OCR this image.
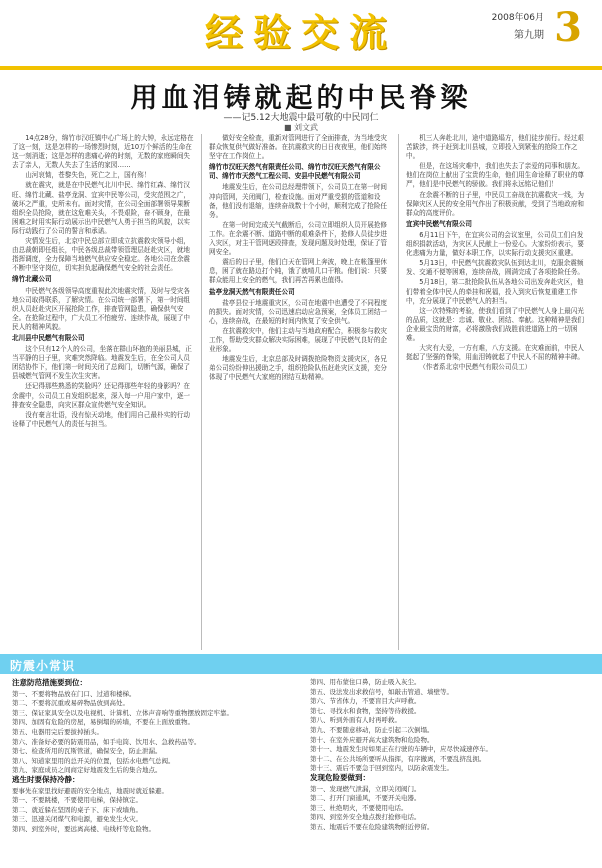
经验交流	2008年06月
第九期 3
用血泪铸就起的中民脊梁
——记5.12大地震中最可敬的中民同仁
■ 刘文武

14点28分，绵竹市汉旺镇中心广场上的大钟，永远定格在了这一刻，这是怎样的一场惨烈时刻，近10万个鲜活的生命在这一刻消逝；这是怎样的悲痛心碎的时刻，无数的家庭瞬间失去了亲人，无数人失去了生活的家园……

山河哀恸，苍黎失色，死亡之上，国有殇！

就在震灾，就是在中民燃气北川中民、绵竹红森、绵竹汉旺、绵竹北藏、盐亭龙洞、宜宾中民等公司，受灾范围之广，破坏之严重，史所未有。面对灾情，在公司全面部署领导果断组织全员抢险，就在这危难关头，不畏艰险，奋不顾身，在最困难之时用实际行动展示出中民燃气人勇于担当的风貌，以实际行动践行了公司的誓言和承诺。

灾情发生后，北京中民总部立即成立抗震救灾领导小组，由总裁朝即任组长，中民各级总裁带领管理层赶赴灾区，就地指挥调度，全力保障当地燃气供应安全稳定。各地公司在余震不断中坚守岗位，切实担负起确保燃气安全的社会责任。

绵竹北藏公司

中民燃气各级领导高度重视此次地震灾情，及时与受灾各地公司取得联系，了解灾情。在公司统一部署下，第一时间组织人员赶赴灾区开展抢险工作，排查管网隐患，确保供气安全。在抢险过程中，广大员工不怕疲劳、连续作战，展现了中民人的精神风貌。

北川县中民燃气有限公司

这个只有12个人的公司，坐落在群山环抱的美丽县城，正当平静的日子里，灾难突然降临。地震发生后，在全公司人员团结协作下，他们第一时间关闭了总阀门，切断气源，确保了县城燃气管网不发生次生灾害。

还记得那些熟悉的笑脸吗？还记得那些年轻的身影吗？在余震中，公司员工自发组织起来，深入每一户用户家中，逐一排查安全隐患，向灾区群众宣传燃气安全知识。

没有豪言壮语，没有惊天动地，他们用自己最朴实的行动诠释了中民燃气人的责任与担当。

做好安全检查，重新对管网进行了全面排查，为当地受灾群众恢复供气做好准备。在抗震救灾的日日夜夜里，他们始终坚守在工作岗位上。

绵竹市汉旺天然气有限责任公司、绵竹市汉旺天然气有限公司、绵竹市天然气工程公司、安县中民燃气有限公司

地震发生后，在公司总经理带领下，公司员工在第一时间冲向管网，关闭阀门，检查设施。面对严重受损的管道和设备，他们没有退缩，连续奋战数十个小时，顺利完成了抢险任务。

在第一时间完成关气截断后，公司立即组织人员开展抢修工作。在余震不断、道路中断的艰难条件下，抢修人员徒步进入灾区，对主干管网逐段排查，发现问题及时处理，保证了管网安全。

震后的日子里，他们白天在管网上奔波，晚上在帐篷里休息，困了就在路边打个盹，饿了就啃几口干粮。他们说：只要群众能用上安全的燃气，我们再苦再累也值得。

盐亭龙洞天然气有限责任公司

盐亭县位于地震重灾区，公司在地震中也遭受了不同程度的损失。面对灾情，公司迅速启动应急预案，全体员工团结一心，连续奋战，在最短的时间内恢复了安全供气。

在抗震救灾中，他们主动与当地政府配合，积极参与救灾工作，帮助受灾群众解决实际困难，展现了中民燃气良好的企业形象。

地震发生后，北京总部及时调拨抢险物资支援灾区，各兄弟公司纷纷伸出援助之手，组织抢险队伍赶赴灾区支援，充分体现了中民燃气大家庭的团结互助精神。

机三人奔赴北川，途中道路塌方，他们徒步前行。经过艰苦跋涉，终于赶到北川县城，立即投入到紧张的抢险工作之中。

但是，在这场灾难中，我们也失去了亲爱的同事和朋友。他们在岗位上献出了宝贵的生命，他们用生命诠释了职业的尊严，他们是中民燃气的骄傲。我们将永远铭记他们！

在余震不断的日子里，中民员工奋战在抗震救灾一线，为保障灾区人民的安全用气作出了积极贡献，受到了当地政府和群众的高度评价。

宜宾中民燃气有限公司

6月11日下午，在宜宾公司的会议室里，公司员工们自发组织捐款活动，为灾区人民献上一份爱心。大家纷纷表示，要化悲痛为力量，做好本职工作，以实际行动支援灾区重建。

5月13日，中民燃气抗震救灾队伍到达北川，克服余震频发、交通不便等困难，连续奋战，圆满完成了各项抢险任务。

5月18日，第二批抢险队伍从各地公司出发奔赴灾区，他们带着全体中民人的牵挂和祝福，投入到灾后恢复重建工作中，充分展现了中民燃气人的担当。

这一次特殊的考验，使我们看到了中民燃气人身上最闪光的品质，这就是：忠诚、敬业、团结、奉献。这种精神是我们企业最宝贵的财富，必将激励我们战胜前进道路上的一切困难。

大灾有大爱，一方有难，八方支援。在灾难面前，中民人挺起了坚强的脊梁，用血泪铸就起了中民人不屈的精神丰碑。

（作者系北京中民燃气有限公司员工）

防震小常识
注意防范措施要到位：
第一、不要将物品放在门口、过道和楼梯。
第二、不要将沉重或易碎物品放到高处。
第三、保证家具安全以及电视机、计算机、立体声音响等重物摆放固定牢靠。
第四、加固有危险的房屋，易倒塌的砖墙，不要在上面放重物。
第五、电器用完后要拔掉插头。
第六、准备好必要的防震用品，如手电筒、饮用水、急救药品等。
第七、检查所用的瓦斯管道，确保安全，防止泄漏。
第八、知道家里用的总开关的位置，包括水电燃气总阀。
第九、家庭成员之间商定好地震发生后的集合地点。
逃生时要保持冷静：
要事先在家里找好避震的安全地点，地震时就近躲避。
第一、不要跳楼，不要使用电梯，保持镇定。
第二、就近躲在坚固的桌子下、床下或墙角。
第三、迅速关闭煤气和电源，避免发生火灾。
第四、到室外时，要远离高楼、电线杆等危险物。
第四、用布蒙住口鼻，防止吸入灰尘。
第五、设法发出求救信号，如敲击管道、墙壁等。
第六、节省体力，不要盲目大声呼救。
第七、寻找水和食物，坚持等待救援。
第八、听到外面有人时再呼救。
第九、不要随意移动，防止引起二次倒塌。
第十、在室外应避开高大建筑物和危险物。
第十一、地震发生时如果正在行驶的车辆中，应尽快减速停车。
第十二、在公共场所要听从指挥，有序撤离，不要乱挤乱拥。
第十三、震后不要急于回到室内，以防余震发生。
发现危险要做到：
第一、发现燃气泄漏，立即关闭阀门。
第二、打开门窗通风，不要开关电器。
第三、杜绝明火，不要使用电话。
第四、到室外安全地点拨打抢修电话。
第五、地震后不要在危险建筑物附近停留。
